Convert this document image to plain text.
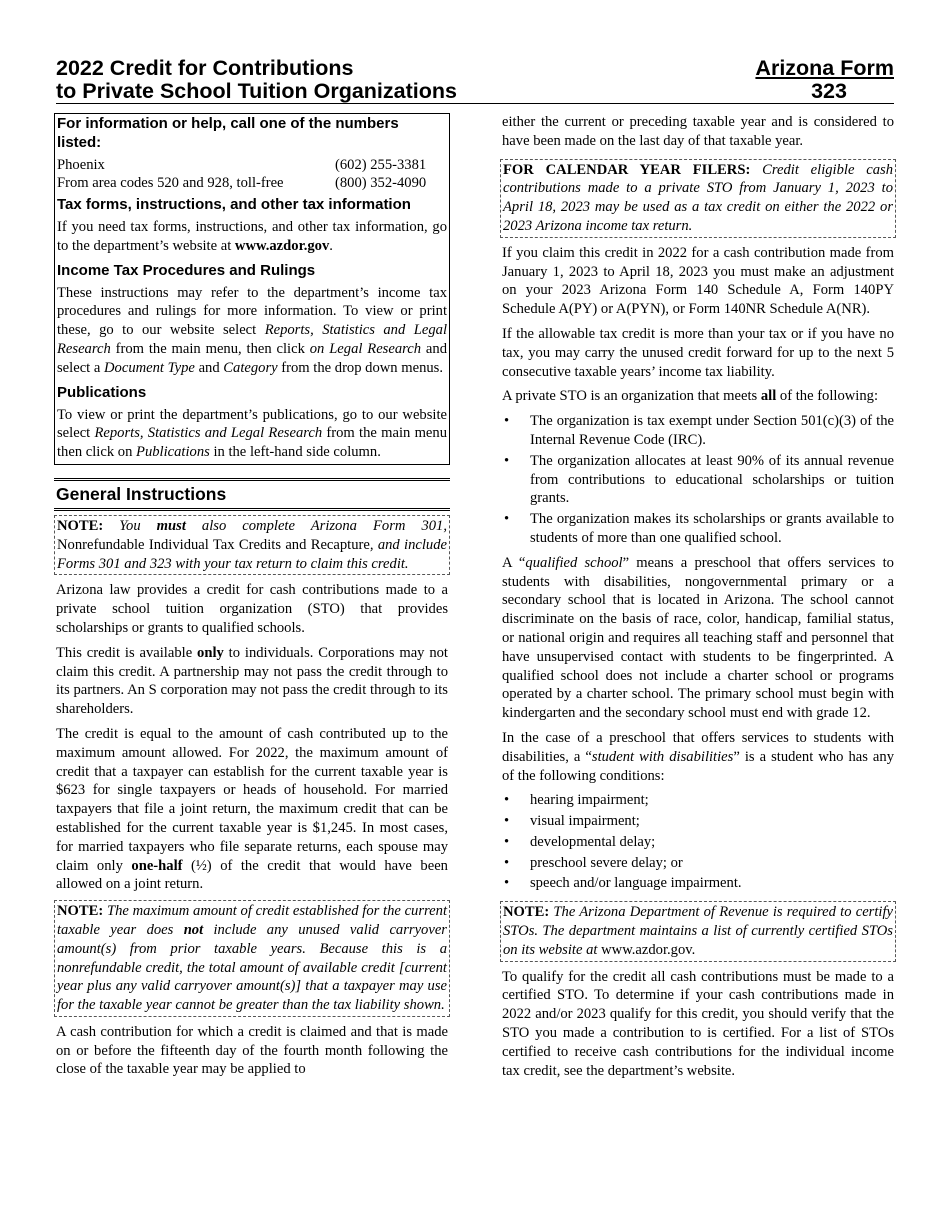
2022 Credit for Contributions
to Private School Tuition Organizations
Arizona Form
323
For information or help, call one of the numbers listed:
Phoenix	(602) 255-3381
From area codes 520 and 928, toll-free	(800) 352-4090
Tax forms, instructions, and other tax information

If you need tax forms, instructions, and other tax information, go to the department’s website at www.azdor.gov.

Income Tax Procedures and Rulings

These instructions may refer to the department’s income tax procedures and rulings for more information. To view or print these, go to our website select Reports, Statistics and Legal Research from the main menu, then click on Legal Research and select a Document Type and Category from the drop down menus.

Publications

To view or print the department’s publications, go to our website select Reports, Statistics and Legal Research from the main menu then click on Publications in the left-hand side column.

General Instructions

NOTE: You must also complete Arizona Form 301, Nonrefundable Individual Tax Credits and Recapture, and include Forms 301 and 323 with your tax return to claim this credit.

Arizona law provides a credit for cash contributions made to a private school tuition organization (STO) that provides scholarships or grants to qualified schools.

This credit is available only to individuals. Corporations may not claim this credit. A partnership may not pass the credit through to its partners. An S corporation may not pass the credit through to its shareholders.

The credit is equal to the amount of cash contributed up to the maximum amount allowed. For 2022, the maximum amount of credit that a taxpayer can establish for the current taxable year is $623 for single taxpayers or heads of household. For married taxpayers that file a joint return, the maximum credit that can be established for the current taxable year is $1,245. In most cases, for married taxpayers who file separate returns, each spouse may claim only one-half (½) of the credit that would have been allowed on a joint return.

NOTE: The maximum amount of credit established for the current taxable year does not include any unused valid carryover amount(s) from prior taxable years. Because this is a nonrefundable credit, the total amount of available credit [current year plus any valid carryover amount(s)] that a taxpayer may use for the taxable year cannot be greater than the tax liability shown.

A cash contribution for which a credit is claimed and that is made on or before the fifteenth day of the fourth month following the close of the taxable year may be applied to

either the current or preceding taxable year and is considered to have been made on the last day of that taxable year.

FOR CALENDAR YEAR FILERS: Credit eligible cash contributions made to a private STO from January 1, 2023 to April 18, 2023 may be used as a tax credit on either the 2022 or 2023 Arizona income tax return.

If you claim this credit in 2022 for a cash contribution made from January 1, 2023 to April 18, 2023 you must make an adjustment on your 2023 Arizona Form 140 Schedule A, Form 140PY Schedule A(PY) or A(PYN), or Form 140NR Schedule A(NR).

If the allowable tax credit is more than your tax or if you have no tax, you may carry the unused credit forward for up to the next 5 consecutive taxable years’ income tax liability.

A private STO is an organization that meets all of the following:

• The organization is tax exempt under Section 501(c)(3) of the Internal Revenue Code (IRC).
• The organization allocates at least 90% of its annual revenue from contributions to educational scholarships or tuition grants.
• The organization makes its scholarships or grants available to students of more than one qualified school.

A “qualified school” means a preschool that offers services to students with disabilities, nongovernmental primary or a secondary school that is located in Arizona. The school cannot discriminate on the basis of race, color, handicap, familial status, or national origin and requires all teaching staff and personnel that have unsupervised contact with students to be fingerprinted. A qualified school does not include a charter school or programs operated by a charter school. The primary school must begin with kindergarten and the secondary school must end with grade 12.

In the case of a preschool that offers services to students with disabilities, a “student with disabilities” is a student who has any of the following conditions:

• hearing impairment;
• visual impairment;
• developmental delay;
• preschool severe delay; or
• speech and/or language impairment.

NOTE: The Arizona Department of Revenue is required to certify STOs. The department maintains a list of currently certified STOs on its website at www.azdor.gov.

To qualify for the credit all cash contributions must be made to a certified STO. To determine if your cash contributions made in 2022 and/or 2023 qualify for this credit, you should verify that the STO you made a contribution to is certified. For a list of STOs certified to receive cash contributions for the individual income tax credit, see the department’s website.
